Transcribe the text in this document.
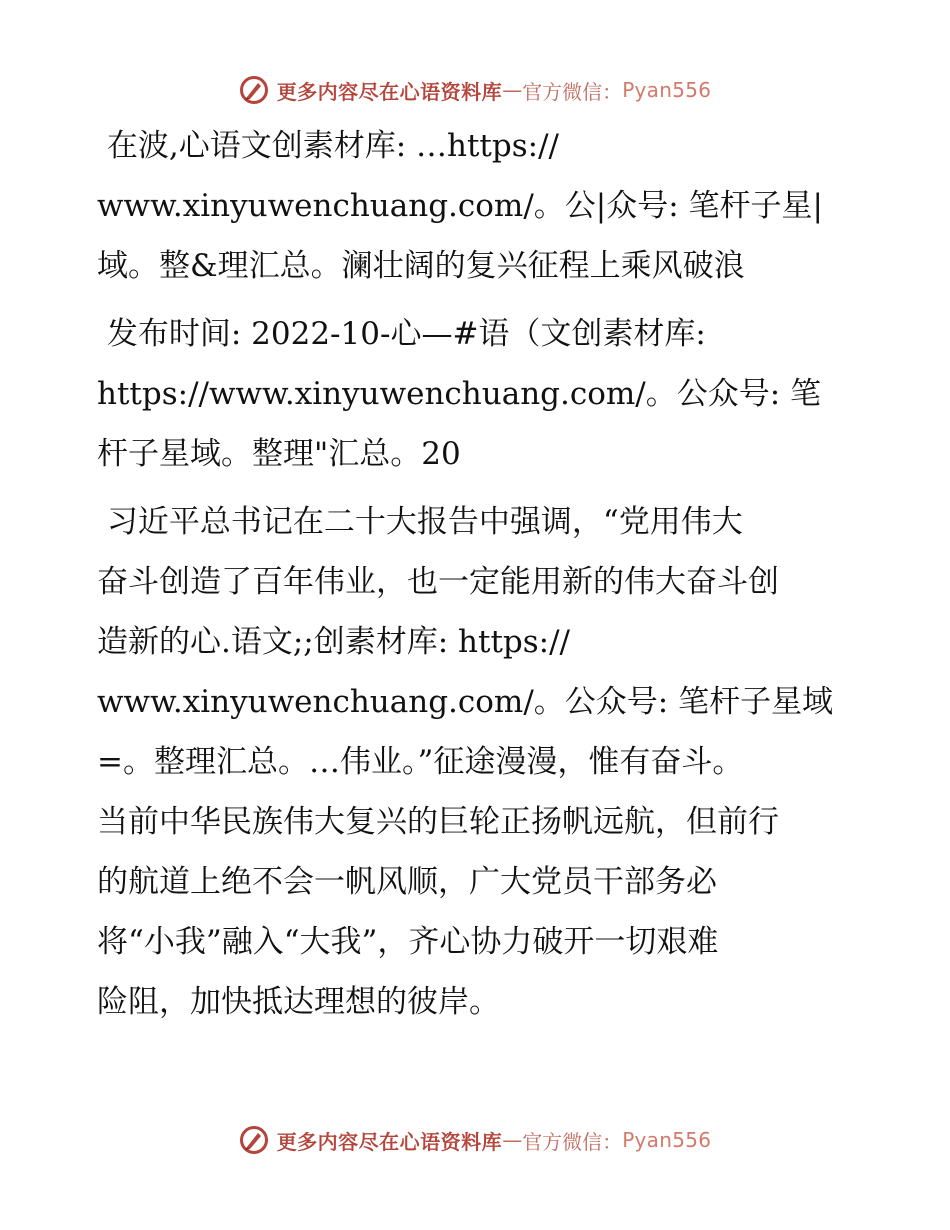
更多内容尽在心语资料库 — 官方微信： Pyan556

在波,心语文创素材库: …https://
www.xinyuwenchuang.com/。公|众号: 笔杆子星|
域。整&理汇总。澜壮阔的复兴征程上乘风破浪

发布时间: 2022-10-心—#语（文创素材库:
https://www.xinyuwenchuang.com/。公众号: 笔
杆子星域。整理"汇总。20

习近平总书记在二十大报告中强调，“党用伟大
奋斗创造了百年伟业，也一定能用新的伟大奋斗创
造新的心.语文;;创素材库: https://
www.xinyuwenchuang.com/。公众号: 笔杆子星域
=。整理汇总。…伟业。”征途漫漫，惟有奋斗。
当前中华民族伟大复兴的巨轮正扬帆远航，但前行
的航道上绝不会一帆风顺，广大党员干部务必
将“小我”融入“大我”，齐心协力破开一切艰难
险阻，加快抵达理想的彼岸。

更多内容尽在心语资料库 — 官方微信： Pyan556
